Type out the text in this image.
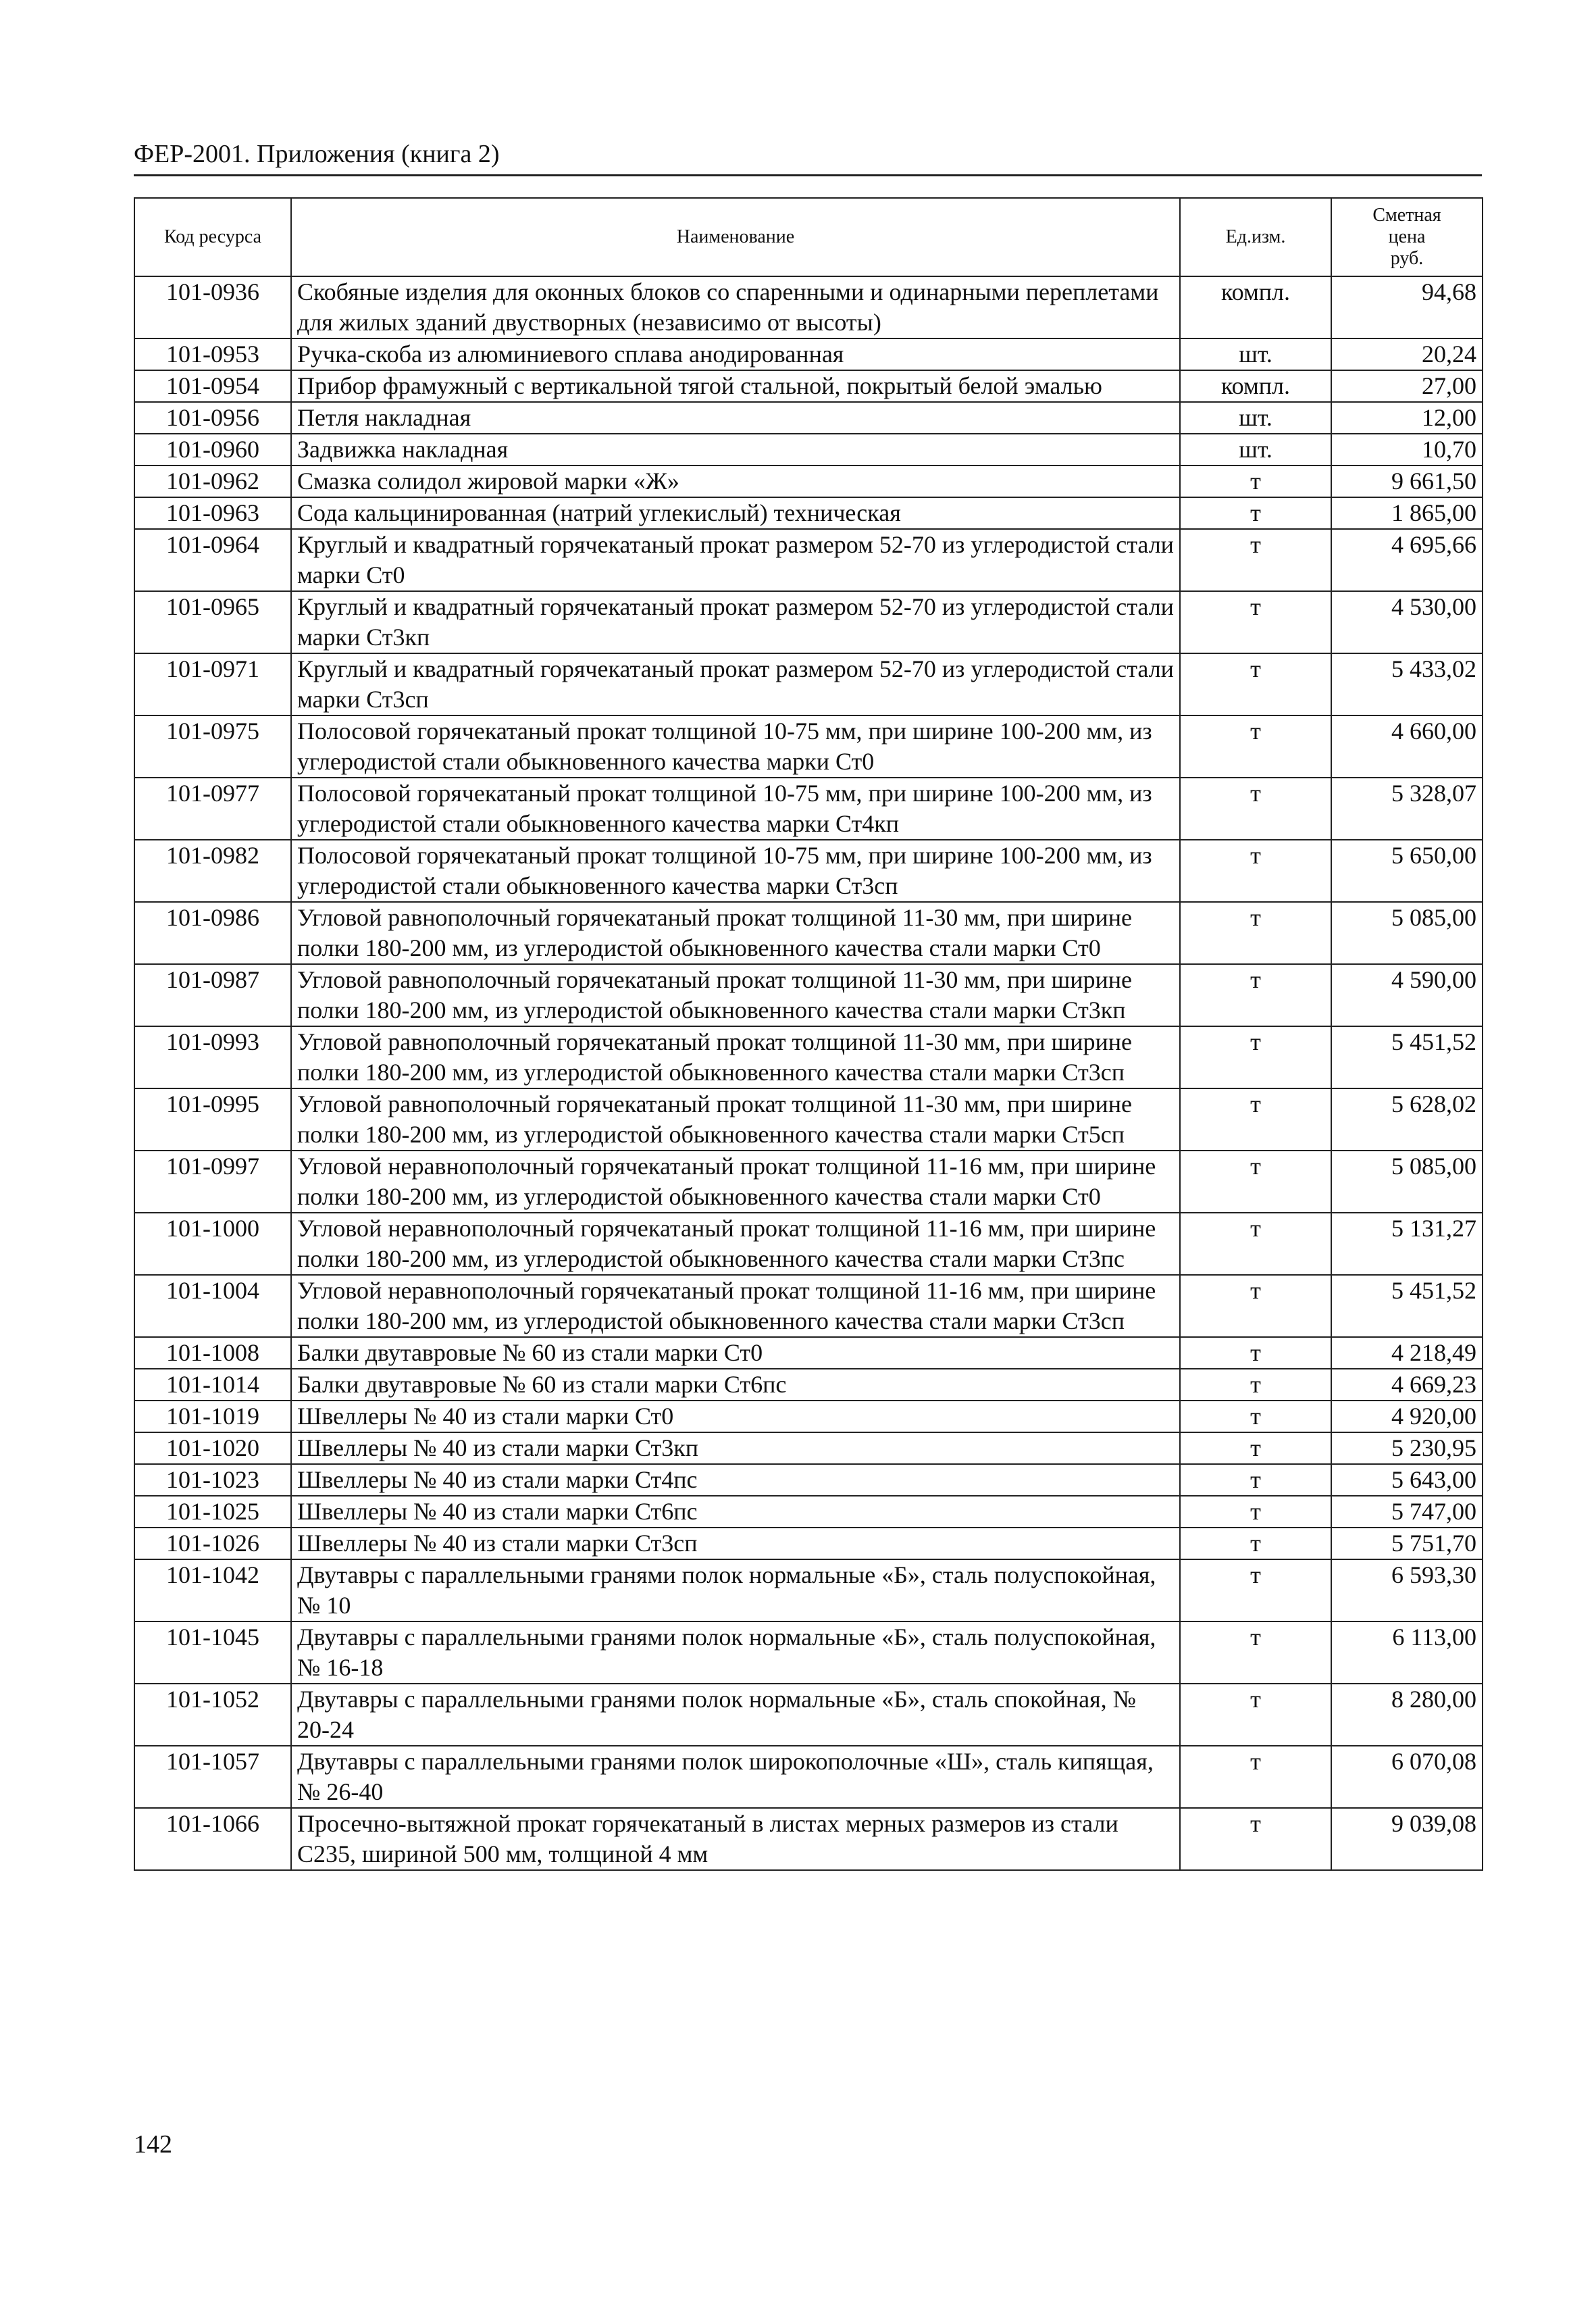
ФЕР-2001. Приложения (книга 2)
Код ресурса	Наименование	Ед.изм.	Сметная
цена
руб.
101-0936	Скобяные изделия для оконных блоков со спаренными и одинарными переплетами для жилых зданий двустворных (независимо от высоты)	компл.	94,68
101-0953	Ручка-скоба из алюминиевого сплава анодированная	шт.	20,24
101-0954	Прибор фрамужный с вертикальной тягой стальной, покрытый белой эмалью	компл.	27,00
101-0956	Петля накладная	шт.	12,00
101-0960	Задвижка накладная	шт.	10,70
101-0962	Смазка солидол жировой марки «Ж»	т	9 661,50
101-0963	Сода кальцинированная (натрий углекислый) техническая	т	1 865,00
101-0964	Круглый и квадратный горячекатаный прокат размером 52-70 из углеродистой стали марки Ст0	т	4 695,66
101-0965	Круглый и квадратный горячекатаный прокат размером 52-70 из углеродистой стали марки Ст3кп	т	4 530,00
101-0971	Круглый и квадратный горячекатаный прокат размером 52-70 из углеродистой стали марки Ст3сп	т	5 433,02
101-0975	Полосовой горячекатаный прокат толщиной 10-75 мм, при ширине 100-200 мм, из углеродистой стали обыкновенного качества марки Ст0	т	4 660,00
101-0977	Полосовой горячекатаный прокат толщиной 10-75 мм, при ширине 100-200 мм, из углеродистой стали обыкновенного качества марки Ст4кп	т	5 328,07
101-0982	Полосовой горячекатаный прокат толщиной 10-75 мм, при ширине 100-200 мм, из углеродистой стали обыкновенного качества марки Ст3сп	т	5 650,00
101-0986	Угловой равнополочный горячекатаный прокат толщиной 11-30 мм, при ширине полки 180-200 мм, из углеродистой обыкновенного качества стали марки Ст0	т	5 085,00
101-0987	Угловой равнополочный горячекатаный прокат толщиной 11-30 мм, при ширине полки 180-200 мм, из углеродистой обыкновенного качества стали марки Ст3кп	т	4 590,00
101-0993	Угловой равнополочный горячекатаный прокат толщиной 11-30 мм, при ширине полки 180-200 мм, из углеродистой обыкновенного качества стали марки Ст3сп	т	5 451,52
101-0995	Угловой равнополочный горячекатаный прокат толщиной 11-30 мм, при ширине полки 180-200 мм, из углеродистой обыкновенного качества стали марки Ст5сп	т	5 628,02
101-0997	Угловой неравнополочный горячекатаный прокат толщиной 11-16 мм, при ширине полки 180-200 мм, из углеродистой обыкновенного качества стали марки Ст0	т	5 085,00
101-1000	Угловой неравнополочный горячекатаный прокат толщиной 11-16 мм, при ширине полки 180-200 мм, из углеродистой обыкновенного качества стали марки Ст3пс	т	5 131,27
101-1004	Угловой неравнополочный горячекатаный прокат толщиной 11-16 мм, при ширине полки 180-200 мм, из углеродистой обыкновенного качества стали марки Ст3сп	т	5 451,52
101-1008	Балки двутавровые № 60 из стали марки Ст0	т	4 218,49
101-1014	Балки двутавровые № 60 из стали марки Ст6пс	т	4 669,23
101-1019	Швеллеры № 40 из стали марки Ст0	т	4 920,00
101-1020	Швеллеры № 40 из стали марки Ст3кп	т	5 230,95
101-1023	Швеллеры № 40 из стали марки Ст4пс	т	5 643,00
101-1025	Швеллеры № 40 из стали марки Ст6пс	т	5 747,00
101-1026	Швеллеры № 40 из стали марки Ст3сп	т	5 751,70
101-1042	Двутавры с параллельными гранями полок нормальные «Б», сталь полуспокойная, № 10	т	6 593,30
101-1045	Двутавры с параллельными гранями полок нормальные «Б», сталь полуспокойная, № 16-18	т	6 113,00
101-1052	Двутавры с параллельными гранями полок нормальные «Б», сталь спокойная, № 20-24	т	8 280,00
101-1057	Двутавры с параллельными гранями полок широкополочные «Ш», сталь кипящая, № 26-40	т	6 070,08
101-1066	Просечно-вытяжной прокат горячекатаный в листах мерных размеров из стали С235, шириной 500 мм, толщиной 4 мм	т	9 039,08
142
